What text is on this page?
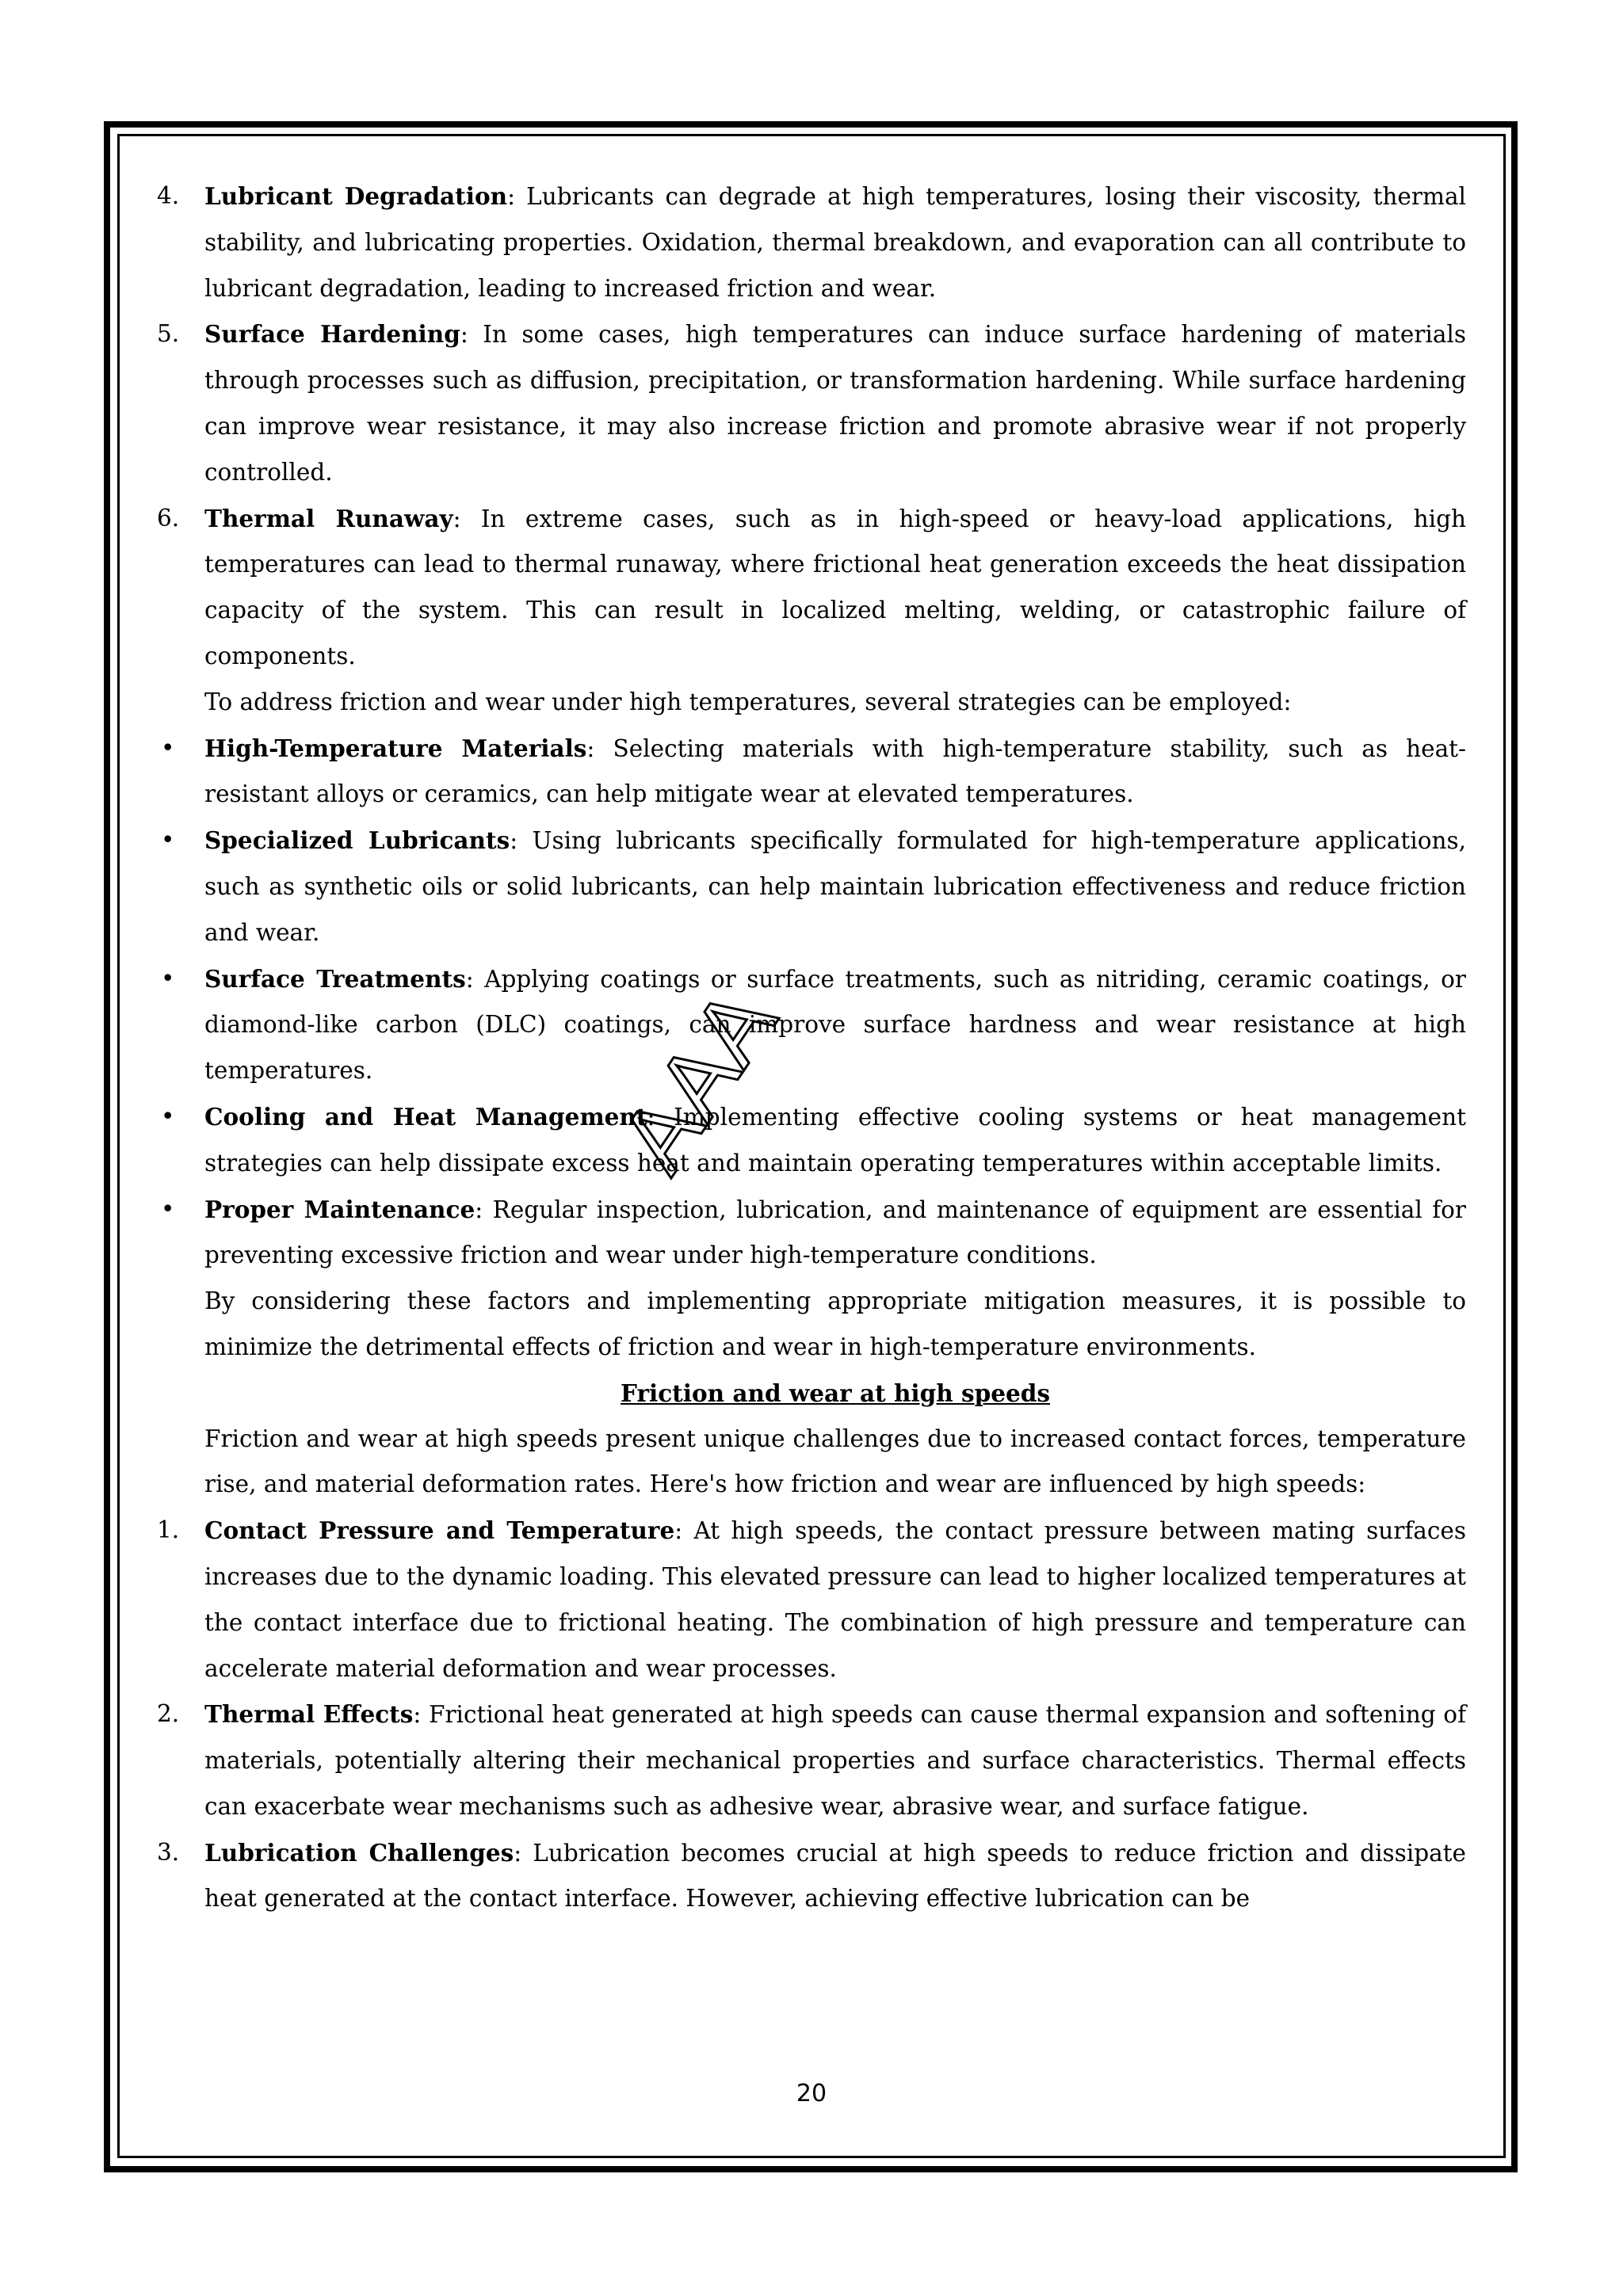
4. Lubricant Degradation: Lubricants can degrade at high temperatures, losing their viscosity, thermal stability, and lubricating properties. Oxidation, thermal breakdown, and evaporation can all contribute to lubricant degradation, leading to increased friction and wear.
5. Surface Hardening: In some cases, high temperatures can induce surface hardening of materials through processes such as diffusion, precipitation, or transformation hardening. While surface hardening can improve wear resistance, it may also increase friction and promote abrasive wear if not properly controlled.
6. Thermal Runaway: In extreme cases, such as in high-speed or heavy-load applications, high temperatures can lead to thermal runaway, where frictional heat generation exceeds the heat dissipation capacity of the system. This can result in localized melting, welding, or catastrophic failure of components.
To address friction and wear under high temperatures, several strategies can be employed:
• High-Temperature Materials: Selecting materials with high-temperature stability, such as heat-resistant alloys or ceramics, can help mitigate wear at elevated temperatures.
• Specialized Lubricants: Using lubricants specifically formulated for high-temperature applications, such as synthetic oils or solid lubricants, can help maintain lubrication effectiveness and reduce friction and wear.
• Surface Treatments: Applying coatings or surface treatments, such as nitriding, ceramic coatings, or diamond-like carbon (DLC) coatings, can improve surface hardness and wear resistance at high temperatures.
• Cooling and Heat Management: Implementing effective cooling systems or heat management strategies can help dissipate excess heat and maintain operating temperatures within acceptable limits.
• Proper Maintenance: Regular inspection, lubrication, and maintenance of equipment are essential for preventing excessive friction and wear under high-temperature conditions.
By considering these factors and implementing appropriate mitigation measures, it is possible to minimize the detrimental effects of friction and wear in high-temperature environments.
Friction and wear at high speeds
Friction and wear at high speeds present unique challenges due to increased contact forces, temperature rise, and material deformation rates. Here's how friction and wear are influenced by high speeds:
1. Contact Pressure and Temperature: At high speeds, the contact pressure between mating surfaces increases due to the dynamic loading. This elevated pressure can lead to higher localized temperatures at the contact interface due to frictional heating. The combination of high pressure and temperature can accelerate material deformation and wear processes.
2. Thermal Effects: Frictional heat generated at high speeds can cause thermal expansion and softening of materials, potentially altering their mechanical properties and surface characteristics. Thermal effects can exacerbate wear mechanisms such as adhesive wear, abrasive wear, and surface fatigue.
3. Lubrication Challenges: Lubrication becomes crucial at high speeds to reduce friction and dissipate heat generated at the contact interface. However, achieving effective lubrication can be
AAA
20
